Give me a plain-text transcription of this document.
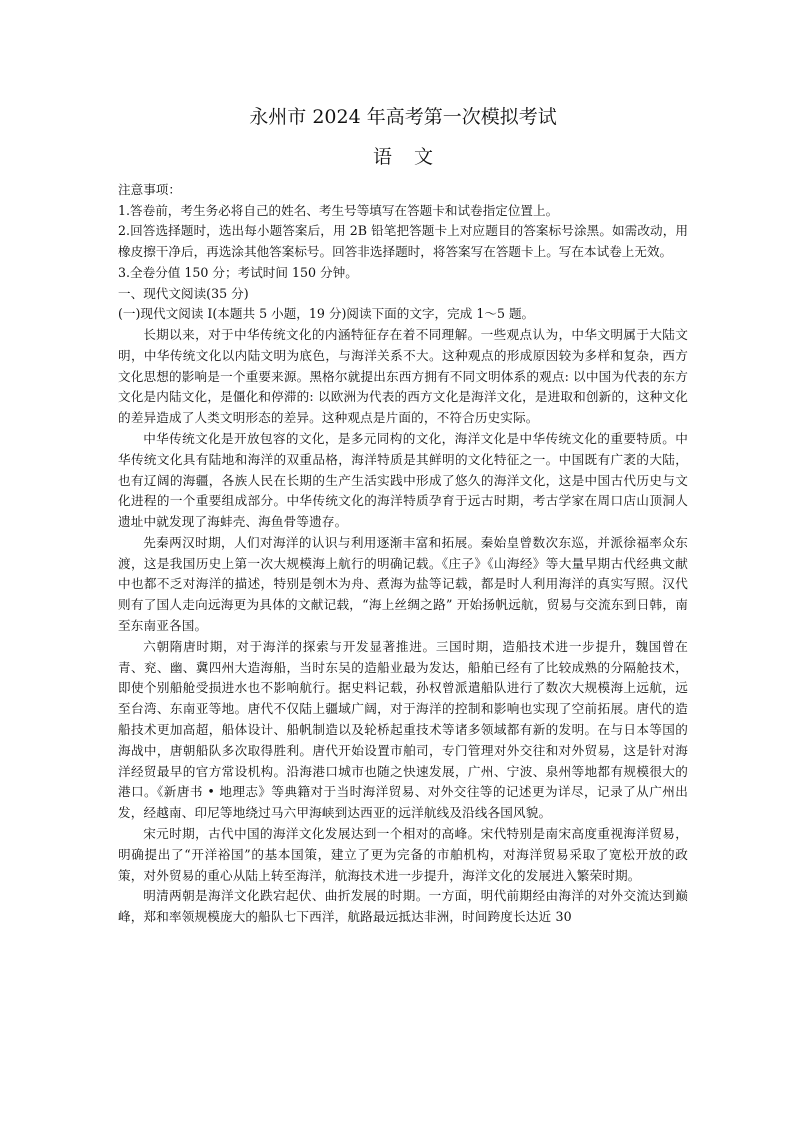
永州市 2024 年高考第一次模拟考试
语文
注意事项：

1.答卷前，考生务必将自己的姓名、考生号等填写在答题卡和试卷指定位置上。

2.回答选择题时，选出每小题答案后，用 2B 铅笔把答题卡上对应题目的答案标号涂黑。如需改动，用橡皮擦干净后，再选涂其他答案标号。回答非选择题时，将答案写在答题卡上。写在本试卷上无效。

3.全卷分值 150 分；考试时间 150 分钟。

一、现代文阅读(35 分)

(一)现代文阅读 I(本题共 5 小题，19 分)阅读下面的文字，完成 1～5 题。

长期以来，对于中华传统文化的内涵特征存在着不同理解。一些观点认为，中华文明属于大陆文明，中华传统文化以内陆文明为底色，与海洋关系不大。这种观点的形成原因较为多样和复杂，西方文化思想的影响是一个重要来源。黑格尔就提出东西方拥有不同文明体系的观点: 以中国为代表的东方文化是内陆文化，是僵化和停滞的: 以欧洲为代表的西方文化是海洋文化，是进取和创新的，这种文化的差异造成了人类文明形态的差异。这种观点是片面的，不符合历史实际。

中华传统文化是开放包容的文化，是多元同构的文化，海洋文化是中华传统文化的重要特质。中华传统文化具有陆地和海洋的双重品格，海洋特质是其鲜明的文化特征之一。中国既有广袤的大陆，也有辽阔的海疆，各族人民在长期的生产生活实践中形成了悠久的海洋文化，这是中国古代历史与文化进程的一个重要组成部分。中华传统文化的海洋特质孕育于远古时期，考古学家在周口店山顶洞人遗址中就发现了海蚌壳、海鱼骨等遗存。

先秦两汉时期，人们对海洋的认识与利用逐渐丰富和拓展。秦始皇曾数次东巡，并派徐福率众东渡，这是我国历史上第一次大规模海上航行的明确记载。《庄子》《山海经》等大量早期古代经典文献中也都不乏对海洋的描述，特别是刳木为舟、煮海为盐等记载，都是时人利用海洋的真实写照。汉代则有了国人走向远海更为具体的文献记载，“海上丝绸之路” 开始扬帆远航，贸易与交流东到日韩，南至东南亚各国。

六朝隋唐时期，对于海洋的探索与开发显著推进。三国时期，造船技术进一步提升，魏国曾在青、兖、幽、冀四州大造海船，当时东吴的造船业最为发达，船舶已经有了比较成熟的分隔舱技术，即使个别船舱受损进水也不影响航行。据史料记载，孙权曾派遣船队进行了数次大规模海上远航，远至台湾、东南亚等地。唐代不仅陆上疆域广阔，对于海洋的控制和影响也实现了空前拓展。唐代的造船技术更加高超，船体设计、船帆制造以及轮桥起重技术等诸多领域都有新的发明。在与日本等国的海战中，唐朝船队多次取得胜利。唐代开始设置市舶司，专门管理对外交往和对外贸易，这是针对海洋经贸最早的官方常设机构。沿海港口城市也随之快速发展，广州、宁波、泉州等地都有规模很大的港口。《新唐书 • 地理志》等典籍对于当时海洋贸易、对外交往等的记述更为详尽，记录了从广州出发，经越南、印尼等地绕过马六甲海峡到达西亚的远洋航线及沿线各国风貌。

宋元时期，古代中国的海洋文化发展达到一个相对的高峰。宋代特别是南宋高度重视海洋贸易，明确提出了“开洋裕国”的基本国策，建立了更为完备的市舶机构，对海洋贸易采取了宽松开放的政策，对外贸易的重心从陆上转至海洋，航海技术进一步提升，海洋文化的发展进入繁荣时期。

明清两朝是海洋文化跌宕起伏、曲折发展的时期。一方面，明代前期经由海洋的对外交流达到巅峰，郑和率领规模庞大的船队七下西洋，航路最远抵达非洲，时间跨度长达近 30
